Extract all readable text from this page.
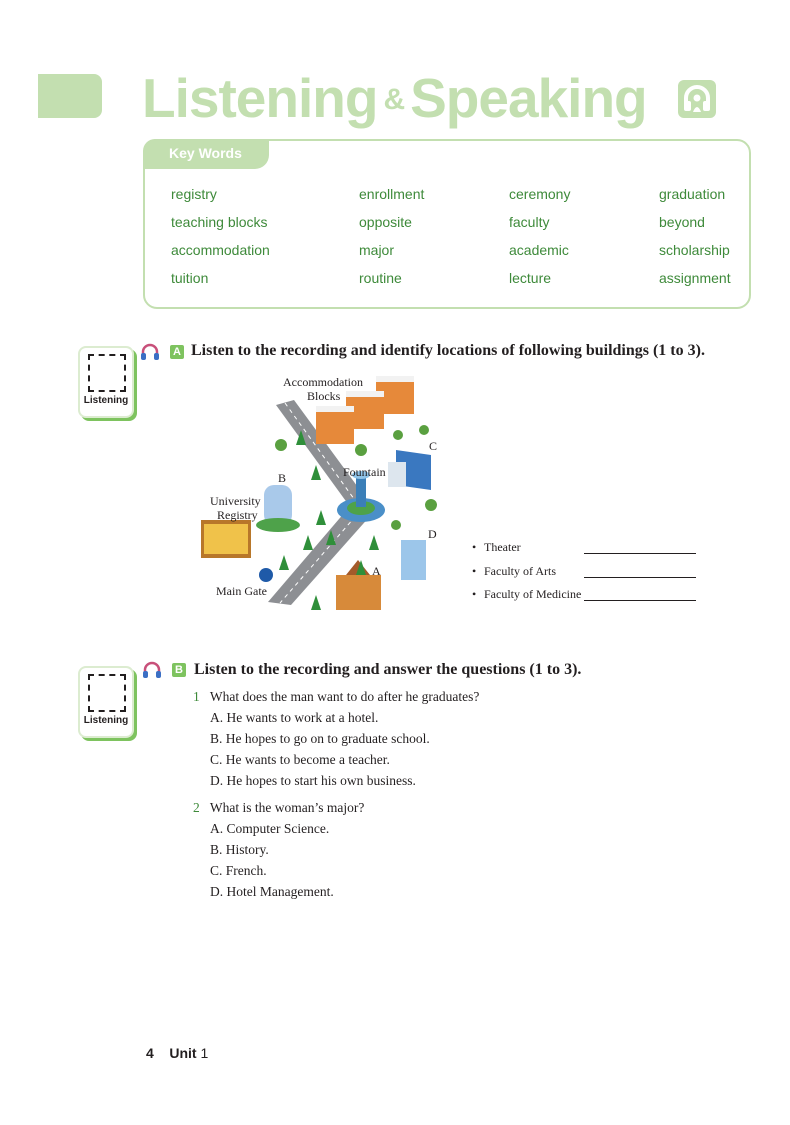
Listening & Speaking
Key Words
registry	enrollment	ceremony	graduation
teaching blocks	opposite	faculty	beyond
accommodation	major	academic	scholarship
tuition	routine	lecture	assignment
Listening
A Listen to the recording and identify locations of following buildings (1 to 3).
Accommodation
Blocks
Fountain
University
Registry
Main Gate
A
B
C
D
• Theater
• Faculty of Arts
• Faculty of Medicine
Listening
B Listen to the recording and answer the questions (1 to 3).
1 What does the man want to do after he graduates?
A. He wants to work at a hotel.
B. He hopes to go on to graduate school.
C. He wants to become a teacher.
D. He hopes to start his own business.
2 What is the woman’s major?
A. Computer Science.
B. History.
C. French.
D. Hotel Management.
4 Unit 1
